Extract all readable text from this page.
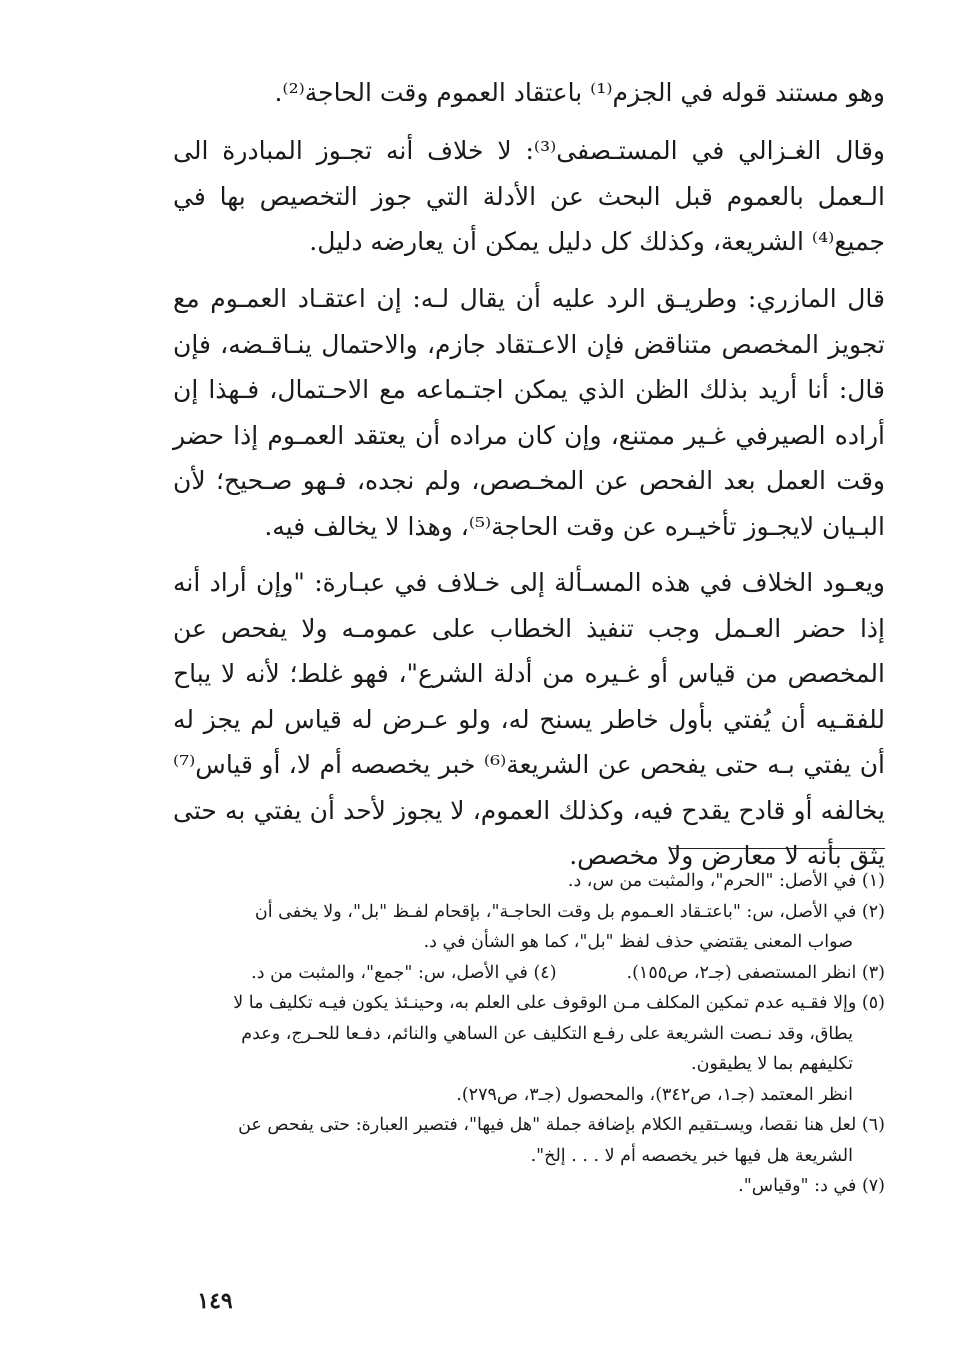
وهو مستند قوله في الجزم⁽¹⁾ باعتقاد العموم وقت الحاجة⁽²⁾.

وقال الغـزالي في المستـصفى⁽³⁾: لا خلاف أنه تجـوز المبادرة الى الـعمل بالعموم قبل البحث عن الأدلة التي جوز التخصيص بها في جميع⁽⁴⁾ الشريعة، وكذلك كل دليل يمكن أن يعارضه دليل.

قال المازري: وطريـق الرد عليه أن يقال لـه: إن اعتقـاد العمـوم مع تجويز المخصص متناقض فإن الاعـتقاد جازم، والاحتمال ينـاقـضه، فإن قال: أنا أريد بذلك الظن الذي يمكن اجتـماعه مع الاحـتمال، فـهذا إن أراده الصيرفي غـير ممتنع، وإن كان مراده أن يعتقد العمـوم إذا حضر وقت العمل بعد الفحص عن المخـصص، ولم نجده، فـهو صـحيح؛ لأن البـيان لايجـوز تأخيـره عن وقت الحاجة⁽⁵⁾، وهذا لا يخالف فيه.

ويعـود الخلاف في هذه المسـألة إلى خـلاف في عبـارة: "وإن أراد أنه إذا حضر العـمل وجب تنفيذ الخطاب على عمومـه ولا يفحص عن المخصص من قياس أو غـيره من أدلة الشرع"، فهو غلط؛ لأنه لا يباح للفقـيه أن يُفتي بأول خاطر يسنح له، ولو عـرض له قياس لم يجز له أن يفتي بـه حتى يفحص عن الشريعة⁽⁶⁾ خبر يخصصه أم لا، أو قياس⁽⁷⁾ يخالفه أو قادح يقدح فيه، وكذلك العموم، لا يجوز لأحد أن يفتي به حتى يثق بأنه لا معارض ولا مخصص.

(١) في الأصل: "الحرم"، والمثبت من س، د.

(٢) في الأصل، س: "باعتـقاد العـموم بل وقت الحاجـة"، بإقحام لفـظ "بل"، ولا يخفى أن

صواب المعنى يقتضي حذف لفظ "بل"، كما هو الشأن في د.

(٣) انظر المستصفى (جـ٢، ص١٥٥).
(٤) في الأصل، س: "جمع"، والمثبت من د.

(٥) وإلا فقـيه عدم تمكين المكلف مـن الوقوف على العلم به، وحينـئذ يكون فيـه تكليف ما لا

يطاق، وقد نـصت الشريعة على رفـع التكليف عن الساهي والنائم، دفـعا للحـرج، وعدم

تكليفهم بما لا يطيقون.

انظر المعتمد (جـ١، ص٣٤٢)، والمحصول (جـ٣، ص٢٧٩).

(٦) لعل هنا نقصا، ويسـتقيم الكلام بإضافة جملة "هل فيها"، فتصير العبارة: حتى يفحص عن

الشريعة هل فيها خبر يخصصه أم لا . . . إلخ".

(٧) في د: "وقياس".

١٤٩
